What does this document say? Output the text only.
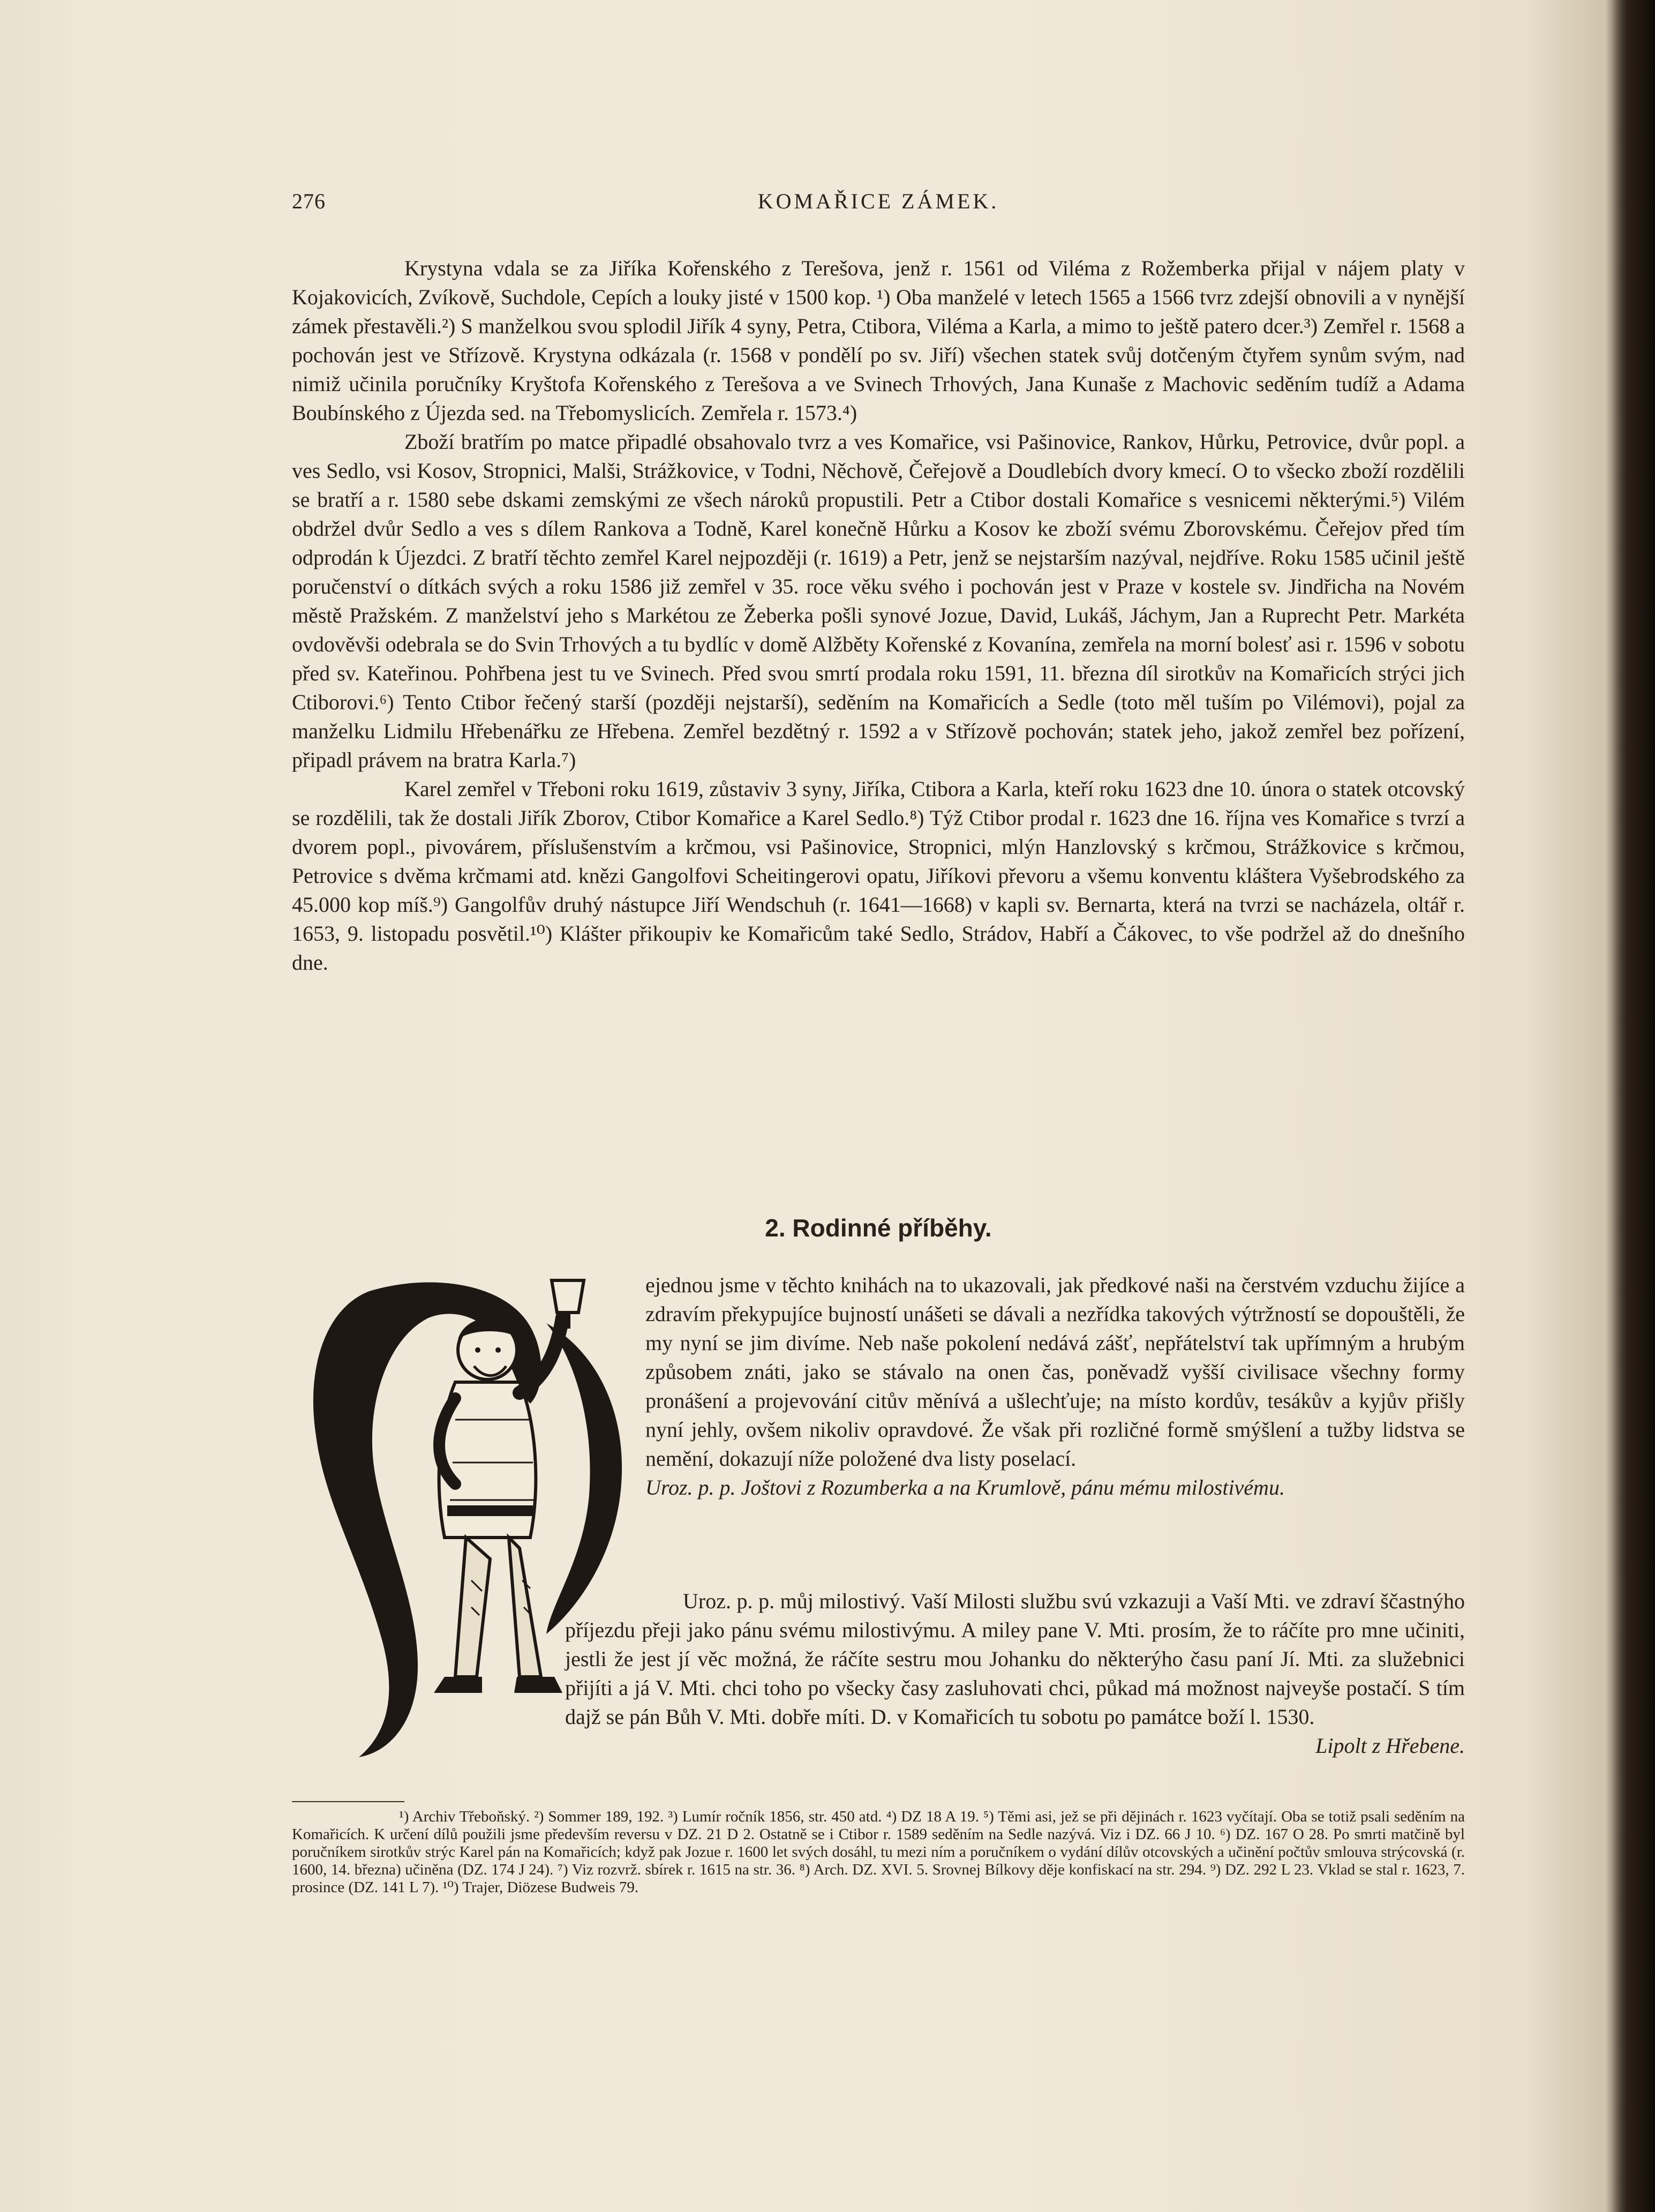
276	KOMAŘICE ZÁMEK.

Krystyna vdala se za Jiříka Kořenského z Terešova, jenž r. 1561 od Viléma z Rožemberka přijal v nájem platy v Kojakovicích, Zvíkově, Suchdole, Cepích a louky jisté v 1500 kop. ¹) Oba manželé v letech 1565 a 1566 tvrz zdejší obnovili a v nynější zámek přestavěli.²) S manželkou svou splodil Jiřík 4 syny, Petra, Ctibora, Viléma a Karla, a mimo to ještě patero dcer.³) Zemřel r. 1568 a pochován jest ve Střízově. Krystyna odkázala (r. 1568 v pondělí po sv. Jiří) všechen statek svůj dotčeným čtyřem synům svým, nad nimiž učinila poručníky Kryštofa Kořenského z Terešova a ve Svinech Trhových, Jana Kunaše z Machovic seděním tudíž a Adama Boubínského z Újezda sed. na Třebomyslicích. Zemřela r. 1573.⁴)

Zboží bratřím po matce připadlé obsahovalo tvrz a ves Komařice, vsi Pašinovice, Rankov, Hůrku, Petrovice, dvůr popl. a ves Sedlo, vsi Kosov, Stropnici, Malši, Strážkovice, v Todni, Něchově, Čeřejově a Doudlebích dvory kmecí. O to všecko zboží rozdělili se bratří a r. 1580 sebe dskami zemskými ze všech nároků propustili. Petr a Ctibor dostali Komařice s vesnicemi některými.⁵) Vilém obdržel dvůr Sedlo a ves s dílem Rankova a Todně, Karel konečně Hůrku a Kosov ke zboží svému Zborovskému. Čeřejov před tím odprodán k Újezdci. Z bratří těchto zemřel Karel nejpozději (r. 1619) a Petr, jenž se nejstarším nazýval, nejdříve. Roku 1585 učinil ještě poručenství o dítkách svých a roku 1586 již zemřel v 35. roce věku svého i pochován jest v Praze v kostele sv. Jindřicha na Novém městě Pražském. Z manželství jeho s Markétou ze Žeberka pošli synové Jozue, David, Lukáš, Jáchym, Jan a Ruprecht Petr. Markéta ovdověvši odebrala se do Svin Trhových a tu bydlíc v domě Alžběty Kořenské z Kovanína, zemřela na morní bolesť asi r. 1596 v sobotu před sv. Kateřinou. Pohřbena jest tu ve Svinech. Před svou smrtí prodala roku 1591, 11. března díl sirotkův na Komařicích strýci jich Ctiborovi.⁶) Tento Ctibor řečený starší (později nejstarší), seděním na Komařicích a Sedle (toto měl tuším po Vilémovi), pojal za manželku Lidmilu Hřebenářku ze Hřebena. Zemřel bezdětný r. 1592 a v Střízově pochován; statek jeho, jakož zemřel bez pořízení, připadl právem na bratra Karla.⁷)

Karel zemřel v Třeboni roku 1619, zůstaviv 3 syny, Jiříka, Ctibora a Karla, kteří roku 1623 dne 10. února o statek otcovský se rozdělili, tak že dostali Jiřík Zborov, Ctibor Komařice a Karel Sedlo.⁸) Týž Ctibor prodal r. 1623 dne 16. října ves Komařice s tvrzí a dvorem popl., pivovárem, příslušenstvím a krčmou, vsi Pašinovice, Stropnici, mlýn Hanzlovský s krčmou, Strážkovice s krčmou, Petrovice s dvěma krčmami atd. knězi Gangolfovi Scheitingerovi opatu, Jiříkovi převoru a všemu konventu kláštera Vyšebrodského za 45.000 kop míš.⁹) Gangolfův druhý nástupce Jiří Wendschuh (r. 1641—1668) v kapli sv. Bernarta, která na tvrzi se nacházela, oltář r. 1653, 9. listopadu posvětil.¹⁰) Klášter přikoupiv ke Komařicům také Sedlo, Strádov, Habří a Čákovec, to vše podržel až do dnešního dne.

2. Rodinné příběhy.

ejednou jsme v těchto knihách na to ukazovali, jak předkové naši na čerstvém vzduchu žijíce a zdravím překypujíce bujností unášeti se dávali a nezřídka takových výtržností se dopouštěli, že my nyní se jim divíme. Neb naše pokolení nedává zášť, nepřátelství tak upřímným a hrubým způsobem znáti, jako se stávalo na onen čas, poněvadž vyšší civilisace všechny formy pronášení a projevování citův měnívá a ušlechťuje; na místo kordův, tesákův a kyjův přišly nyní jehly, ovšem nikoliv opravdové. Že však při rozličné formě smýšlení a tužby lidstva se nemění, dokazují níže položené dva listy poselací.

Uroz. p. p. Joštovi z Rozumberka a na Krumlově, pánu mému milostivému.

Uroz. p. p. můj milostivý. Vaší Milosti službu svú vzkazuji a Vaší Mti. ve zdraví ščastnýho příjezdu přeji jako pánu svému milostivýmu. A miley pane V. Mti. prosím, že to ráčíte pro mne učiniti, jestli že jest jí věc možná, že ráčíte sestru mou Johanku do některýho času paní Jí. Mti. za služebnici přijíti a já V. Mti. chci toho po všecky časy zasluhovati chci, půkad má možnost najveyše postačí. S tím dajž se pán Bůh V. Mti. dobře míti. D. v Komařicích tu sobotu po památce boží l. 1530.
Lipolt z Hřebene.

¹) Archiv Třeboňský. ²) Sommer 189, 192. ³) Lumír ročník 1856, str. 450 atd. ⁴) DZ 18 A 19. ⁵) Těmi asi, jež se při dějinách r. 1623 vyčítají. Oba se totiž psali seděním na Komařicích. K určení dílů použili jsme především reversu v DZ. 21 D 2. Ostatně se i Ctibor r. 1589 seděním na Sedle nazývá. Viz i DZ. 66 J 10. ⁶) DZ. 167 O 28. Po smrti matčině byl poručníkem sirotkův strýc Karel pán na Komařicích; když pak Jozue r. 1600 let svých dosáhl, tu mezi ním a poručníkem o vydání dílův otcovských a učinění počtův smlouva strýcovská (r. 1600, 14. března) učiněna (DZ. 174 J 24). ⁷) Viz rozvrž. sbírek r. 1615 na str. 36. ⁸) Arch. DZ. XVI. 5. Srovnej Bílkovy děje konfiskací na str. 294. ⁹) DZ. 292 L 23. Vklad se stal r. 1623, 7. prosince (DZ. 141 L 7). ¹⁰) Trajer, Diözese Budweis 79.
